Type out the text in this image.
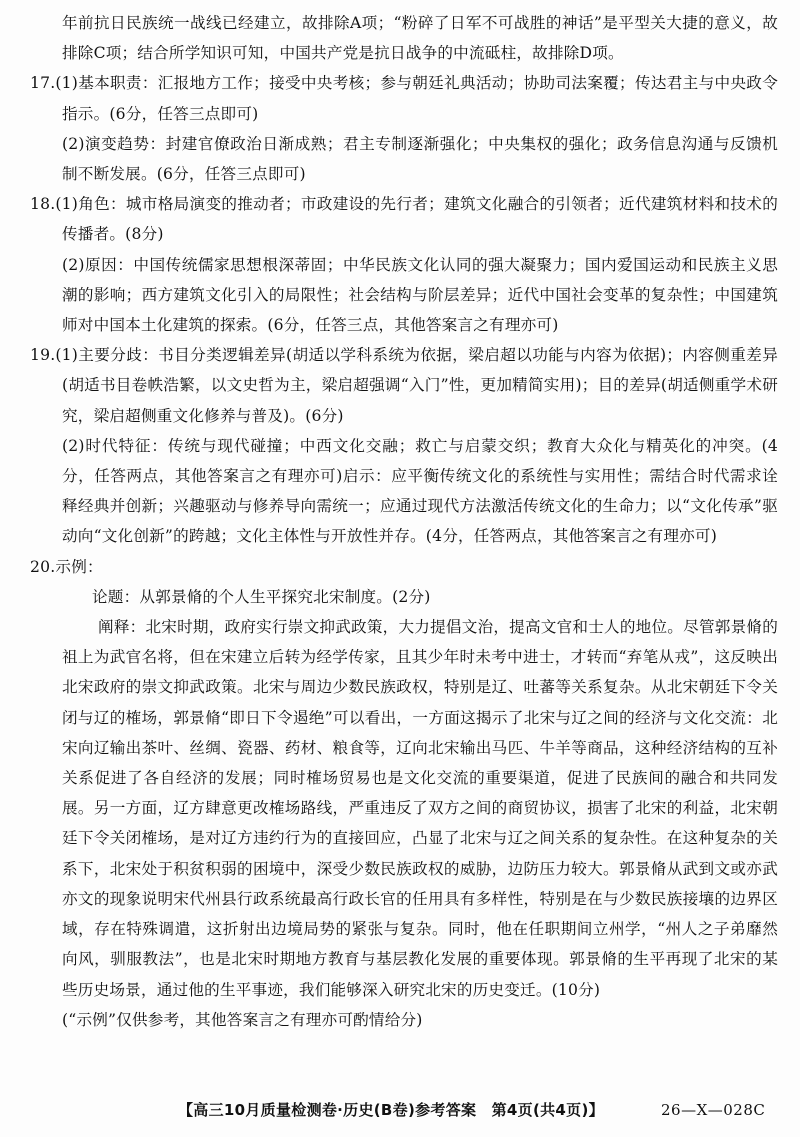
年前抗日民族统一战线已经建立，故排除A项；“粉碎了日军不可战胜的神话”是平型关大捷的意义，故排除C项；结合所学知识可知，中国共产党是抗日战争的中流砥柱，故排除D项。

17.(1)基本职责：汇报地方工作；接受中央考核；参与朝廷礼典活动；协助司法案覆；传达君主与中央政令指示。(6分，任答三点即可)

(2)演变趋势：封建官僚政治日渐成熟；君主专制逐渐强化；中央集权的强化；政务信息沟通与反馈机制不断发展。(6分，任答三点即可)

18.(1)角色：城市格局演变的推动者；市政建设的先行者；建筑文化融合的引领者；近代建筑材料和技术的传播者。(8分)

(2)原因：中国传统儒家思想根深蒂固；中华民族文化认同的强大凝聚力；国内爱国运动和民族主义思潮的影响；西方建筑文化引入的局限性；社会结构与阶层差异；近代中国社会变革的复杂性；中国建筑师对中国本土化建筑的探索。(6分，任答三点，其他答案言之有理亦可)

19.(1)主要分歧：书目分类逻辑差异(胡适以学科系统为依据，梁启超以功能与内容为依据)；内容侧重差异(胡适书目卷帙浩繁，以文史哲为主，梁启超强调“入门”性，更加精简实用)；目的差异(胡适侧重学术研究，梁启超侧重文化修养与普及)。(6分)

(2)时代特征：传统与现代碰撞；中西文化交融；救亡与启蒙交织；教育大众化与精英化的冲突。(4分，任答两点，其他答案言之有理亦可)启示：应平衡传统文化的系统性与实用性；需结合时代需求诠释经典并创新；兴趣驱动与修养导向需统一；应通过现代方法激活传统文化的生命力；以“文化传承”驱动向“文化创新”的跨越；文化主体性与开放性并存。(4分，任答两点，其他答案言之有理亦可)

20.示例：

论题：从郭景脩的个人生平探究北宋制度。(2分)

阐释：北宋时期，政府实行崇文抑武政策，大力提倡文治，提高文官和士人的地位。尽管郭景脩的祖上为武官名将，但在宋建立后转为经学传家，且其少年时未考中进士，才转而“弃笔从戎”，这反映出北宋政府的崇文抑武政策。北宋与周边少数民族政权，特别是辽、吐蕃等关系复杂。从北宋朝廷下令关闭与辽的榷场，郭景脩“即日下令遏绝”可以看出，一方面这揭示了北宋与辽之间的经济与文化交流：北宋向辽输出茶叶、丝绸、瓷器、药材、粮食等，辽向北宋输出马匹、牛羊等商品，这种经济结构的互补关系促进了各自经济的发展；同时榷场贸易也是文化交流的重要渠道，促进了民族间的融合和共同发展。另一方面，辽方肆意更改榷场路线，严重违反了双方之间的商贸协议，损害了北宋的利益，北宋朝廷下令关闭榷场，是对辽方违约行为的直接回应，凸显了北宋与辽之间关系的复杂性。在这种复杂的关系下，北宋处于积贫积弱的困境中，深受少数民族政权的威胁，边防压力较大。郭景脩从武到文或亦武亦文的现象说明宋代州县行政系统最高行政长官的任用具有多样性，特别是在与少数民族接壤的边界区域，存在特殊调遣，这折射出边境局势的紧张与复杂。同时，他在任职期间立州学，“州人之子弟靡然向风，驯服教法”，也是北宋时期地方教育与基层教化发展的重要体现。郭景脩的生平再现了北宋的某些历史场景，通过他的生平事迹，我们能够深入研究北宋的历史变迁。(10分)

(“示例”仅供参考，其他答案言之有理亦可酌情给分)

【高三10月质量检测卷·历史(B卷)参考答案　第4页(共4页)】	26—X—028C
